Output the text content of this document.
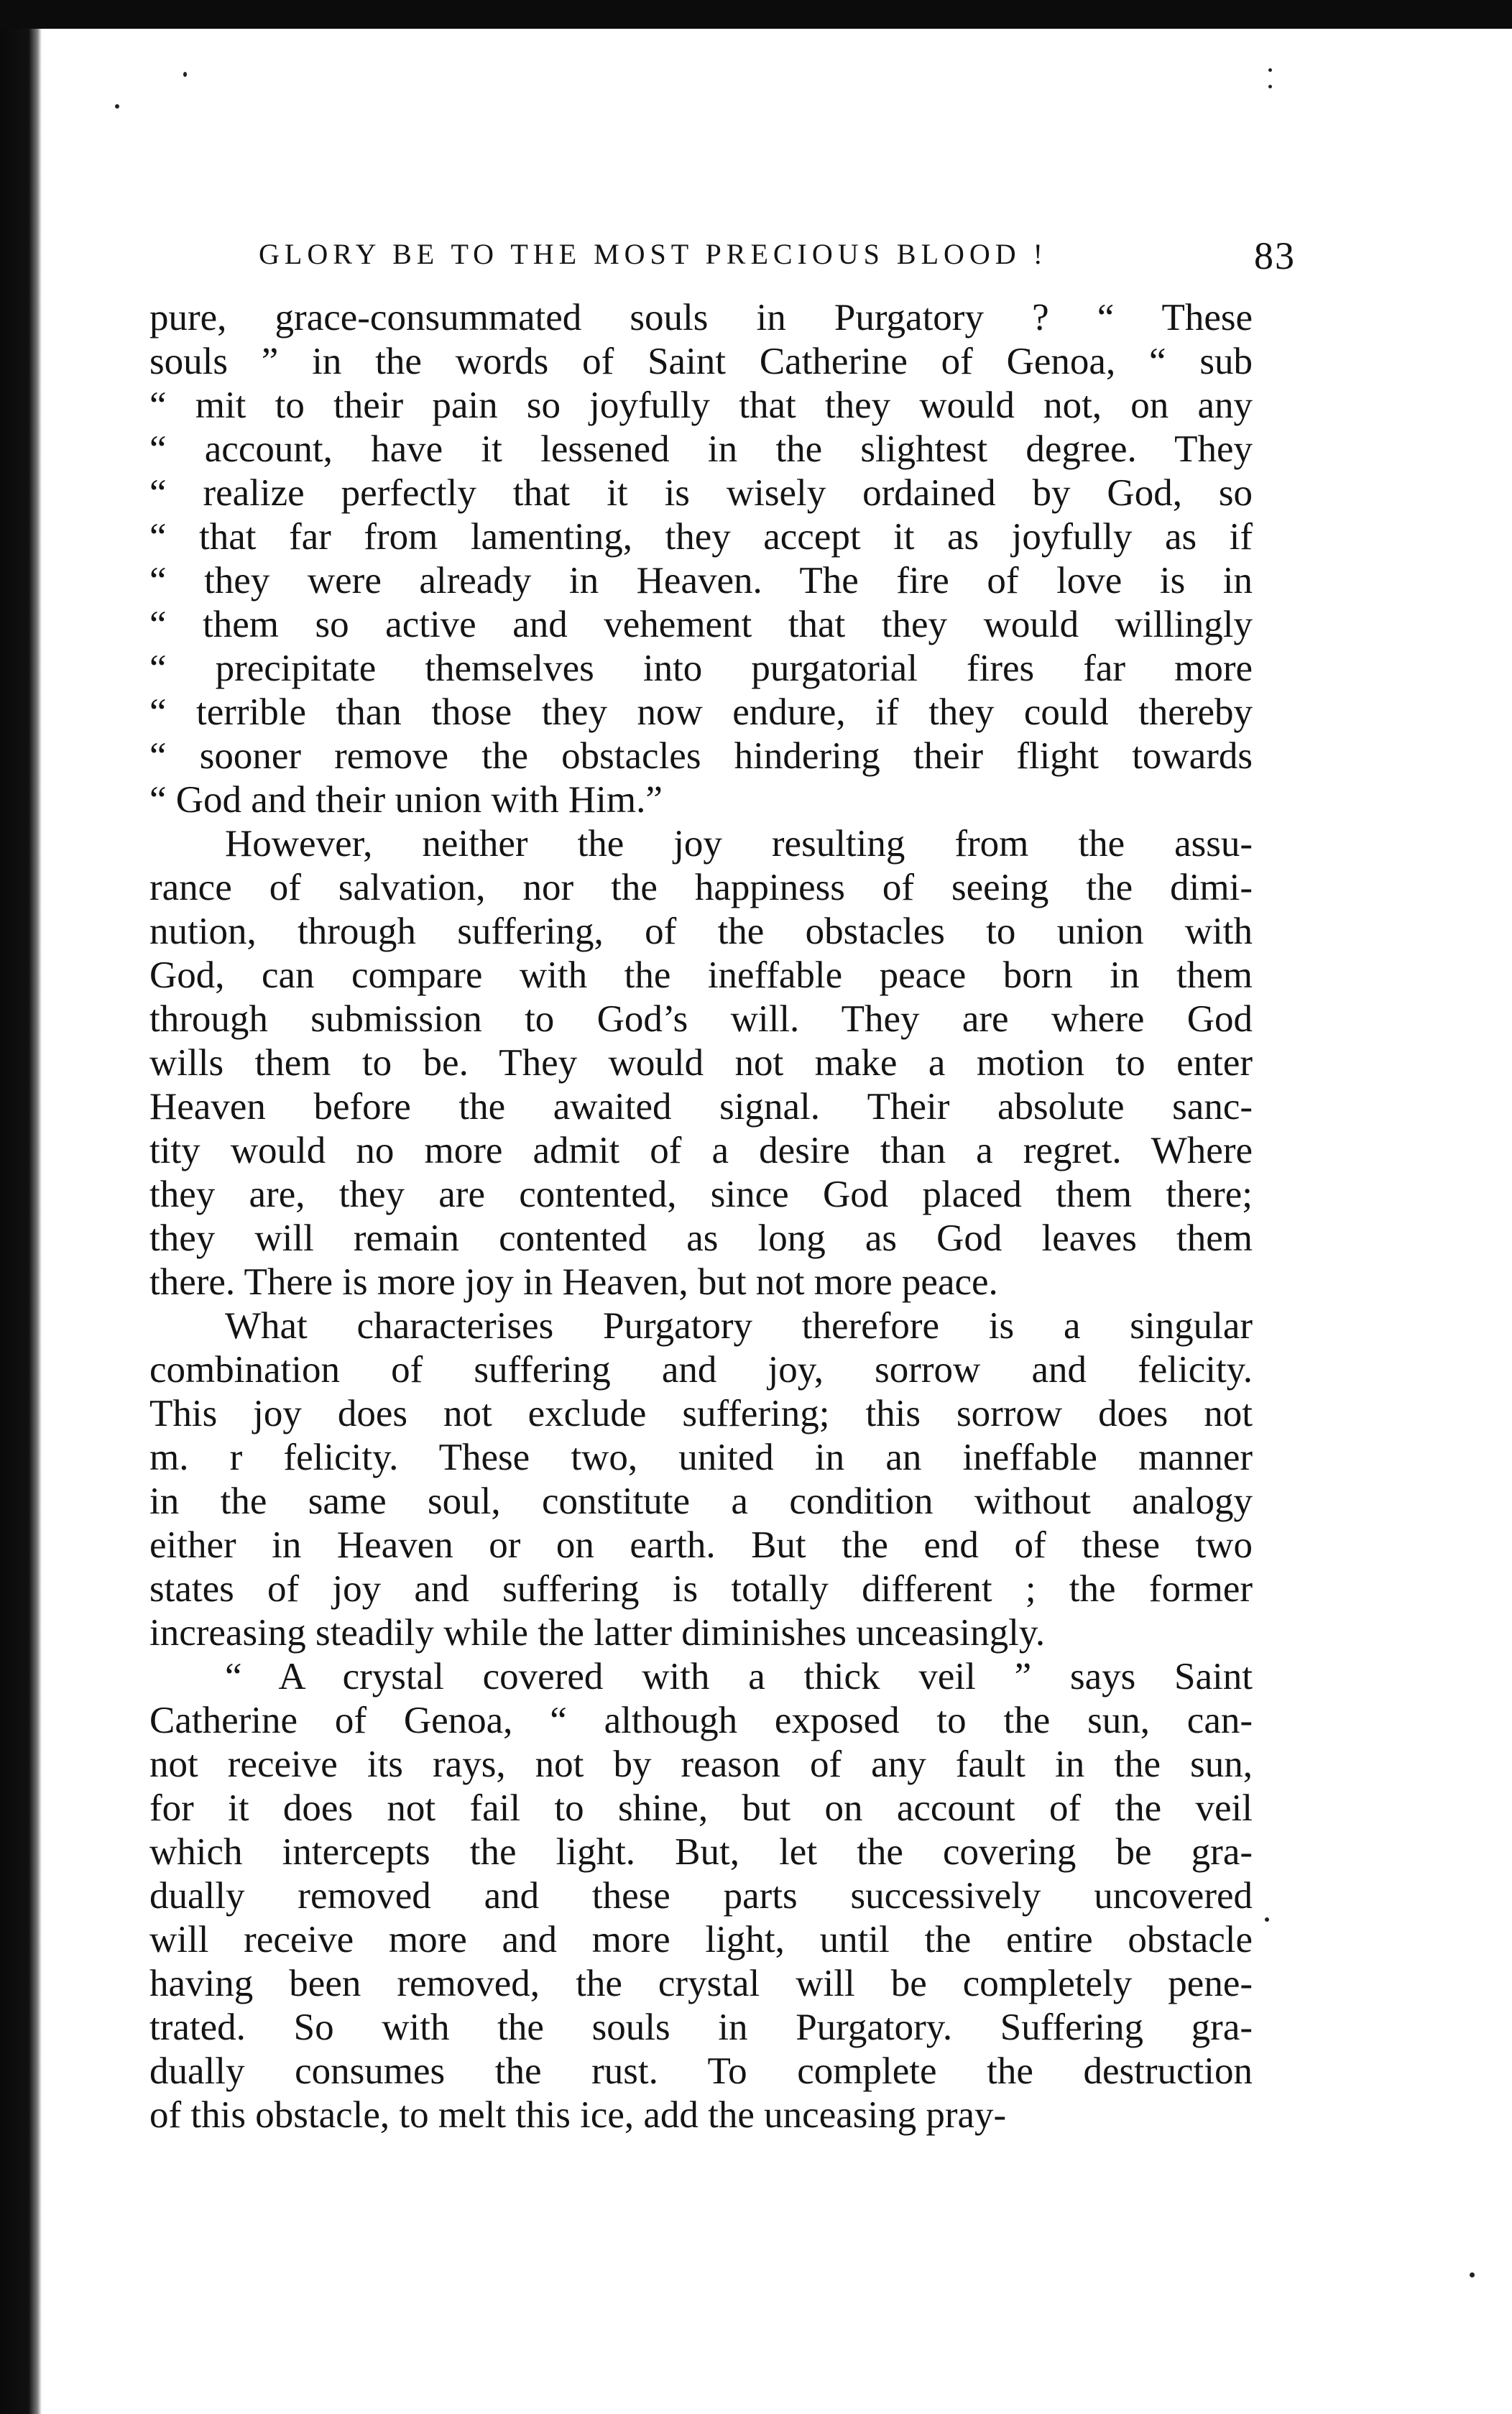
GLORY BE TO THE MOST PRECIOUS BLOOD !	83
pure, grace-consummated souls in Purgatory ? “ These
souls ” in the words of Saint Catherine of Genoa, “ sub
“ mit to their pain so joyfully that they would not, on any
“ account, have it lessened in the slightest degree. They
“ realize perfectly that it is wisely ordained by God, so
“ that far from lamenting, they accept it as joyfully as if
“ they were already in Heaven. The fire of love is in
“ them so active and vehement that they would willingly
“ precipitate themselves into purgatorial fires far more
“ terrible than those they now endure, if they could thereby
“ sooner remove the obstacles hindering their flight towards
“ God and their union with Him.”
However, neither the joy resulting from the assu-
rance of salvation, nor the happiness of seeing the dimi-
nution, through suffering, of the obstacles to union with
God, can compare with the ineffable peace born in them
through submission to God’s will. They are where God
wills them to be. They would not make a motion to enter
Heaven before the awaited signal. Their absolute sanc-
tity would no more admit of a desire than a regret. Where
they are, they are contented, since God placed them there;
they will remain contented as long as God leaves them
there. There is more joy in Heaven, but not more peace.
What characterises Purgatory therefore is a singular
combination of suffering and joy, sorrow and felicity.
This joy does not exclude suffering; this sorrow does not
m. r felicity. These two, united in an ineffable manner
in the same soul, constitute a condition without analogy
either in Heaven or on earth. But the end of these two
states of joy and suffering is totally different ; the former
increasing steadily while the latter diminishes unceasingly.
“ A crystal covered with a thick veil ” says Saint
Catherine of Genoa, “ although exposed to the sun, can-
not receive its rays, not by reason of any fault in the sun,
for it does not fail to shine, but on account of the veil
which intercepts the light. But, let the covering be gra-
dually removed and these parts successively uncovered
will receive more and more light, until the entire obstacle
having been removed, the crystal will be completely pene-
trated. So with the souls in Purgatory. Suffering gra-
dually consumes the rust. To complete the destruction
of this obstacle, to melt this ice, add the unceasing pray-
